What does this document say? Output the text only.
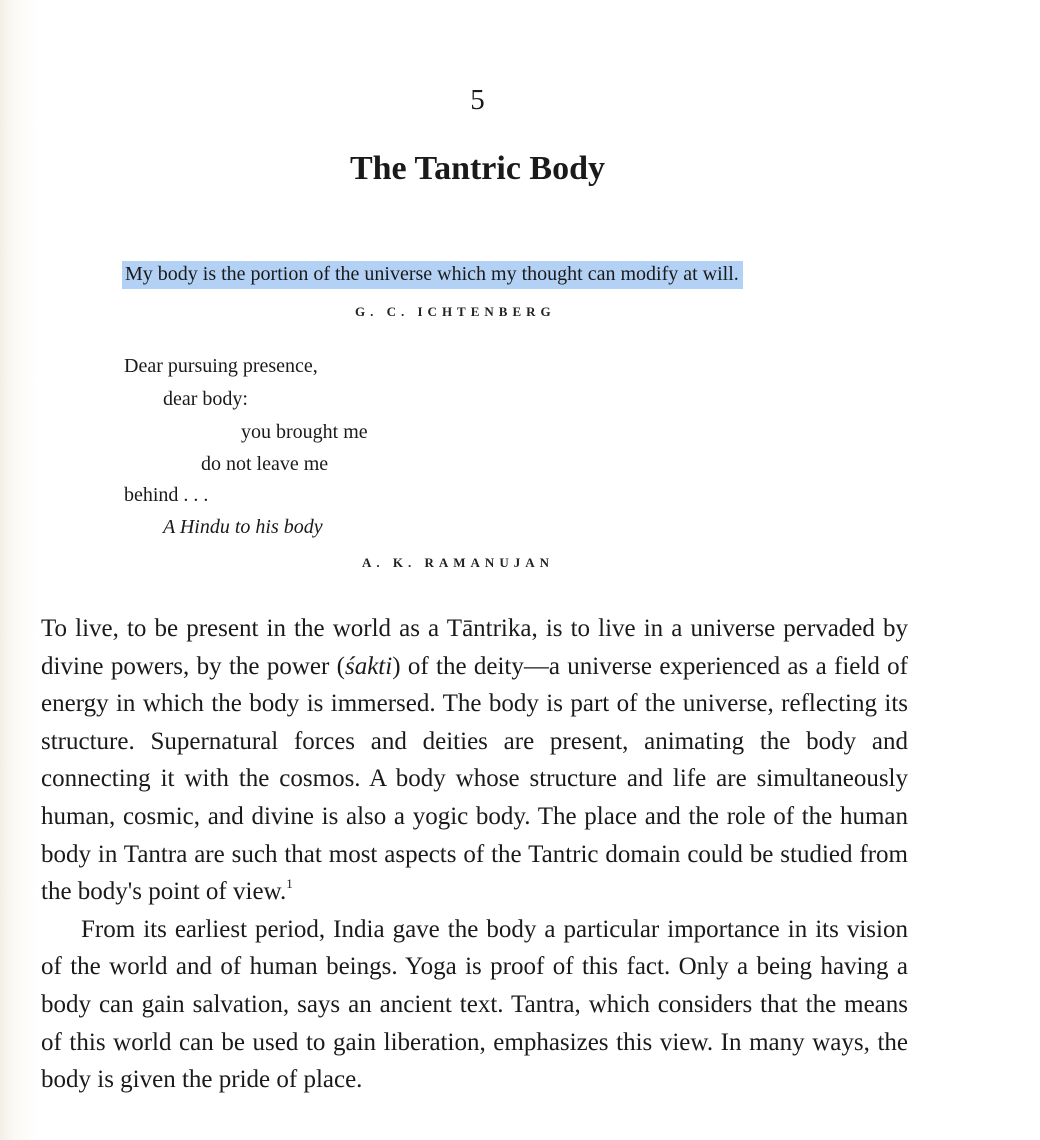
5
The Tantric Body
My body is the portion of the universe which my thought can modify at will.
G. C. ICHTENBERG
Dear pursuing presence,
dear body:
you brought me
do not leave me
behind . . .
A Hindu to his body
A. K. RAMANUJAN

To live, to be present in the world as a Tāntrika, is to live in a universe pervaded by divine powers, by the power (śakti) of the deity—a universe experienced as a field of energy in which the body is immersed. The body is part of the universe, reflecting its structure. Supernatural forces and deities are present, animating the body and connecting it with the cosmos. A body whose structure and life are simultaneously human, cosmic, and divine is also a yogic body. The place and the role of the human body in Tantra are such that most aspects of the Tantric domain could be studied from the body's point of view.$^1$

From its earliest period, India gave the body a particular importance in its vision of the world and of human beings. Yoga is proof of this fact. Only a being having a body can gain salvation, says an ancient text. Tantra, which considers that the means of this world can be used to gain liberation, emphasizes this view. In many ways, the body is given the pride of place.
